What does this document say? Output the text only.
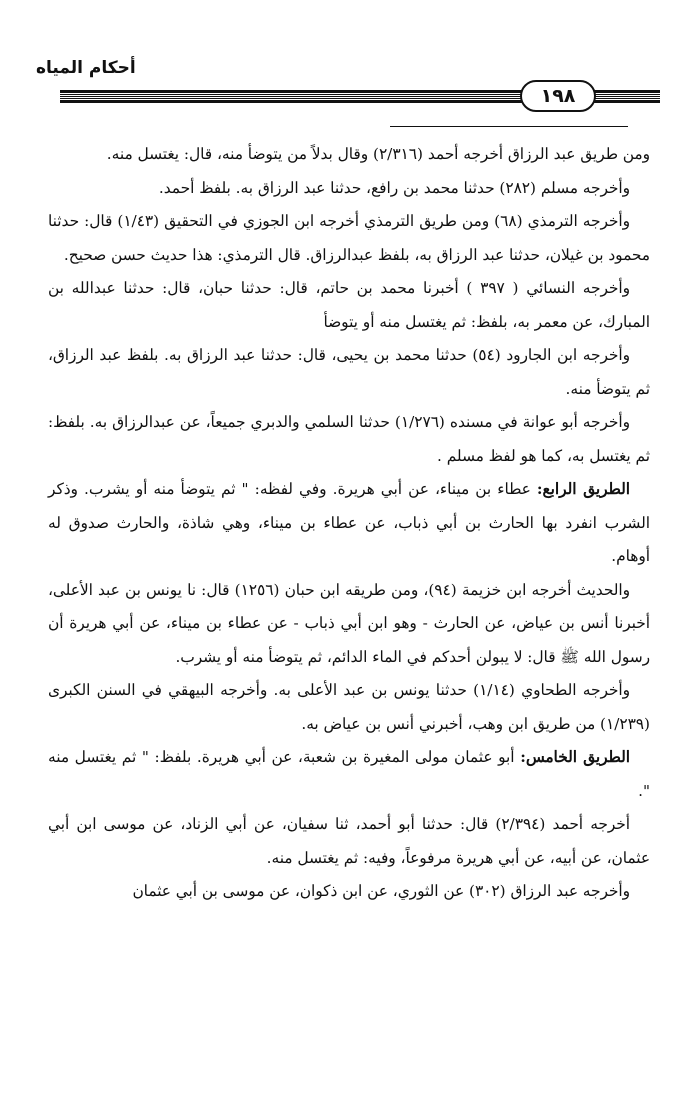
أحكام المياه
١٩٨

ومن طريق عبد الرزاق أخرجه أحمد (٢/٣١٦) وقال بدلاً من يتوضأ منه، قال: يغتسل منه.

وأخرجه مسلم (٢٨٢) حدثنا محمد بن رافع، حدثنا عبد الرزاق به. بلفظ أحمد.

وأخرجه الترمذي (٦٨) ومن طريق الترمذي أخرجه ابن الجوزي في التحقيق (١/٤٣) قال: حدثنا محمود بن غيلان، حدثنا عبد الرزاق به، بلفظ عبدالرزاق. قال الترمذي: هذا حديث حسن صحيح.

وأخرجه النسائي ( ٣٩٧ ) أخبرنا محمد بن حاتم، قال: حدثنا حبان، قال: حدثنا عبدالله بن المبارك، عن معمر به، بلفظ: ثم يغتسل منه أو يتوضأ

وأخرجه ابن الجارود (٥٤) حدثنا محمد بن يحيى، قال: حدثنا عبد الرزاق به. بلفظ عبد الرزاق، ثم يتوضأ منه.

وأخرجه أبو عوانة في مسنده (١/٢٧٦) حدثنا السلمي والدبري جميعاً، عن عبدالرزاق به. بلفظ: ثم يغتسل به، كما هو لفظ مسلم .

الطريق الرابع: عطاء بن ميناء، عن أبي هريرة. وفي لفظه: " ثم يتوضأ منه أو يشرب. وذكر الشرب انفرد بها الحارث بن أبي ذباب، عن عطاء بن ميناء، وهي شاذة، والحارث صدوق له أوهام.

والحديث أخرجه ابن خزيمة (٩٤)، ومن طريقه ابن حبان (١٢٥٦) قال: نا يونس بن عبد الأعلى، أخبرنا أنس بن عياض، عن الحارث - وهو ابن أبي ذباب - عن عطاء بن ميناء، عن أبي هريرة أن رسول الله ﷺ قال: لا يبولن أحدكم في الماء الدائم، ثم يتوضأ منه أو يشرب.

وأخرجه الطحاوي (١/١٤) حدثنا يونس بن عبد الأعلى به. وأخرجه البيهقي في السنن الكبرى (١/٢٣٩) من طريق ابن وهب، أخبرني أنس بن عياض به.

الطريق الخامس: أبو عثمان مولى المغيرة بن شعبة، عن أبي هريرة. بلفظ: " ثم يغتسل منه ".

أخرجه أحمد (٢/٣٩٤) قال: حدثنا أبو أحمد، ثنا سفيان، عن أبي الزناد، عن موسى ابن أبي عثمان، عن أبيه، عن أبي هريرة مرفوعاً، وفيه: ثم يغتسل منه.

وأخرجه عبد الرزاق (٣٠٢) عن الثوري، عن ابن ذكوان، عن موسى بن أبي عثمان
